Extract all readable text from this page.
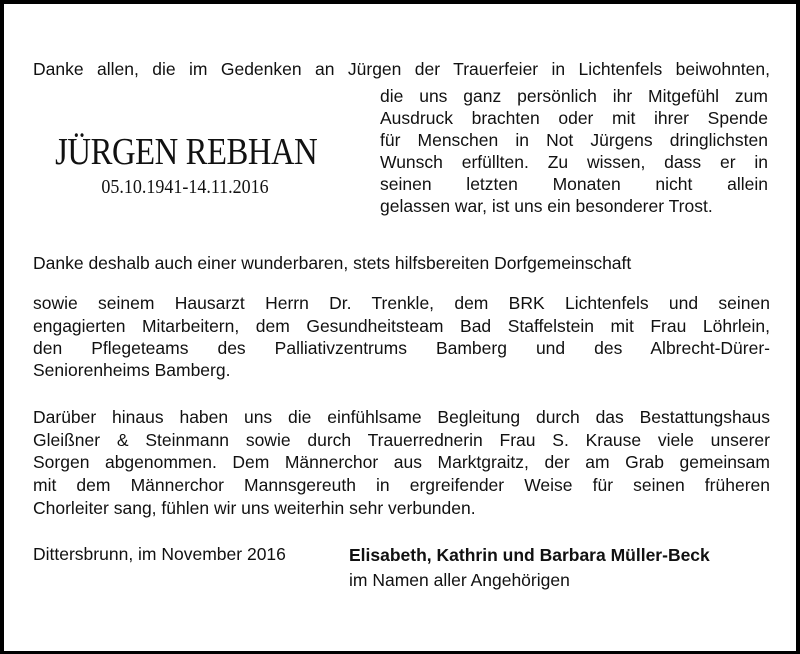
Danke allen, die im Gedenken an Jürgen der Trauerfeier in Lichtenfels beiwohnten,
JÜRGEN REBHAN
05.10.1941-14.11.2016
die uns ganz persönlich ihr Mitgefühl zum
Ausdruck brachten oder mit ihrer Spende
für Menschen in Not Jürgens dringlichsten
Wunsch erfüllten. Zu wissen, dass er in
seinen letzten Monaten nicht allein
gelassen war, ist uns ein besonderer Trost.
Danke deshalb auch einer wunderbaren, stets hilfsbereiten Dorfgemeinschaft
sowie seinem Hausarzt Herrn Dr. Trenkle, dem BRK Lichtenfels und seinen
engagierten Mitarbeitern, dem Gesundheitsteam Bad Staffelstein mit Frau Löhrlein,
den Pflegeteams des Palliativzentrums Bamberg und des Albrecht-Dürer-
Seniorenheims Bamberg.
Darüber hinaus haben uns die einfühlsame Begleitung durch das Bestattungshaus
Gleißner & Steinmann sowie durch Trauerrednerin Frau S. Krause viele unserer
Sorgen abgenommen. Dem Männerchor aus Marktgraitz, der am Grab gemeinsam
mit dem Männerchor Mannsgereuth in ergreifender Weise für seinen früheren
Chorleiter sang, fühlen wir uns weiterhin sehr verbunden.
Dittersbrunn, im November 2016	Elisabeth, Kathrin und Barbara Müller-Beck
im Namen aller Angehörigen
